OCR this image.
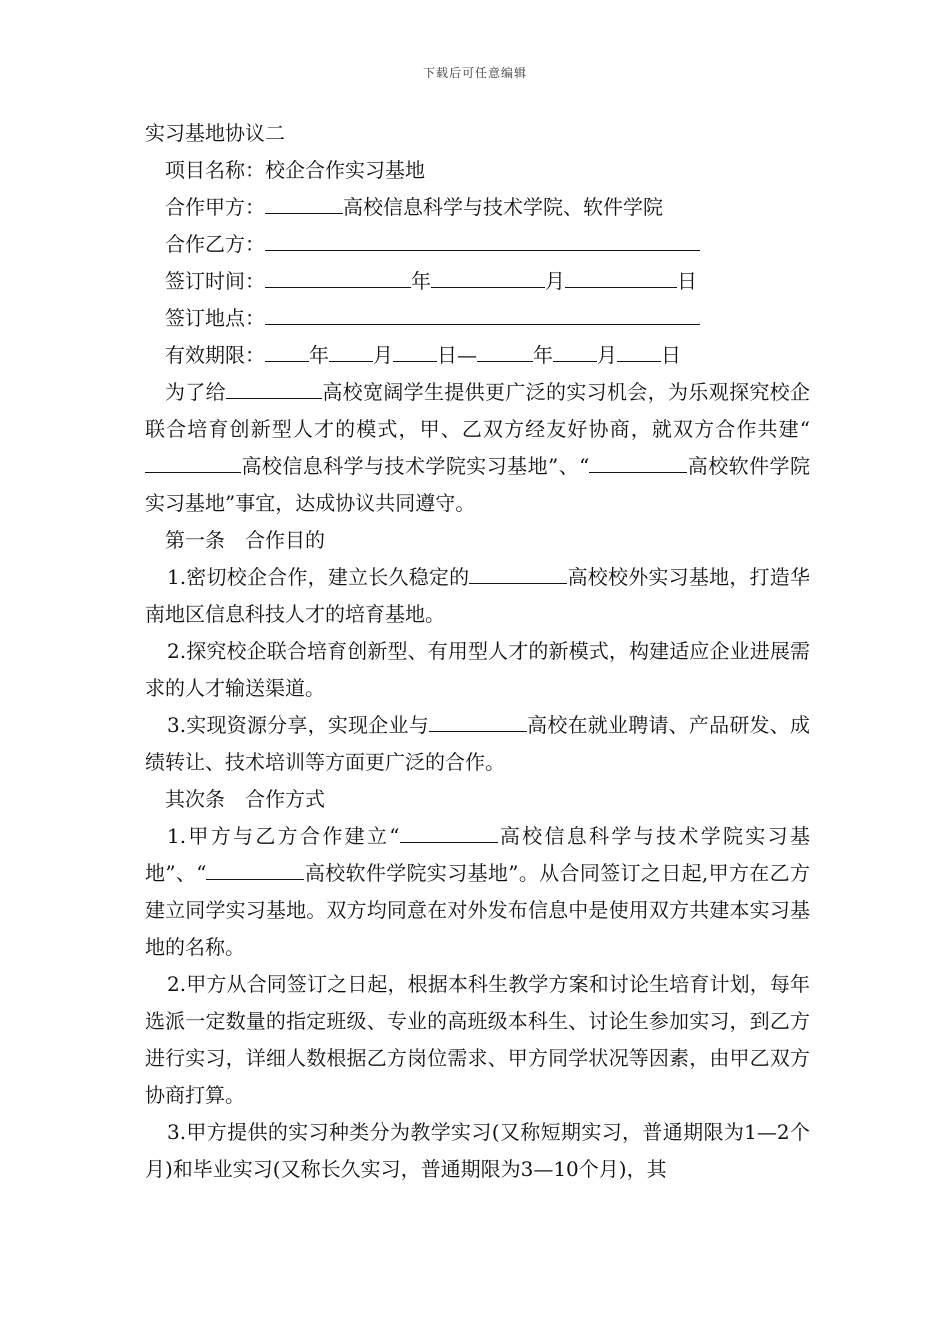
下载后可任意编辑

实习基地协议二

项目名称：校企合作实习基地

合作甲方：	高校信息科学与技术学院、软件学院

合作乙方：

签订时间：	年	月	日

签订地点：

有效期限： 年 月 日—	年 月 日

为了给	高校宽阔学生提供更广泛的实习机会，为乐观探究校企联合培育创新型人才的模式，甲、乙双方经友好协商，就双方合作共建“高校信息科学与技术学院实习基地”、“	高校软件学院实习基地”事宜，达成协议共同遵守。

第一条　合作目的

1.密切校企合作，建立长久稳定的	高校校外实习基地，打造华南地区信息科技人才的培育基地。

2.探究校企联合培育创新型、有用型人才的新模式，构建适应企业进展需求的人才输送渠道。

3.实现资源分享，实现企业与	高校在就业聘请、产品研发、成绩转让、技术培训等方面更广泛的合作。

其次条　合作方式

1.甲方与乙方合作建立“	高校信息科学与技术学院实习基地”、“	高校软件学院实习基地”。从合同签订之日起,甲方在乙方建立同学实习基地。双方均同意在对外发布信息中是使用双方共建本实习基地的名称。

2.甲方从合同签订之日起，根据本科生教学方案和讨论生培育计划，每年选派一定数量的指定班级、专业的高班级本科生、讨论生参加实习，到乙方进行实习，详细人数根据乙方岗位需求、甲方同学状况等因素，由甲乙双方协商打算。

3.甲方提供的实习种类分为教学实习(又称短期实习，普通期限为1—2个月)和毕业实习(又称长久实习，普通期限为3—10个月)，其
